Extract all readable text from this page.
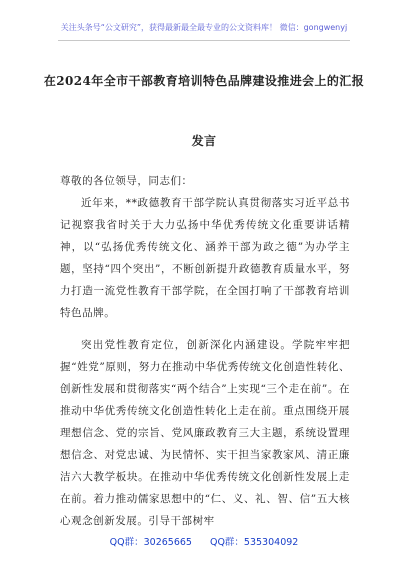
关注头条号“公文研究”，获得最新最全最专业的公文资料库！ 微信：gongwenyj
在2024年全市干部教育培训特色品牌建设推进会上的汇报
发言

尊敬的各位领导，同志们：

近年来，**政德教育干部学院认真贯彻落实习近平总书记视察我省时关于大力弘扬中华优秀传统文化重要讲话精神，以“弘扬优秀传统文化、涵养干部为政之德”为办学主题，坚持“四个突出”，不断创新提升政德教育质量水平，努力打造一流党性教育干部学院，在全国打响了干部教育培训特色品牌。

突出党性教育定位，创新深化内涵建设。学院牢牢把握“姓党”原则，努力在推动中华优秀传统文化创造性转化、创新性发展和贯彻落实“两个结合”上实现“三个走在前”。在推动中华优秀传统文化创造性转化上走在前。重点围绕开展理想信念、党的宗旨、党风廉政教育三大主题，系统设置理想信念、对党忠诚、为民情怀、实干担当家教家风、清正廉洁六大教学板块。在推动中华优秀传统文化创新性发展上走在前。着力推动儒家思想中的“仁、义、礼、智、信”五大核心观念创新发展。引导干部树牢

QQ群：30265665 QQ群：535304092
